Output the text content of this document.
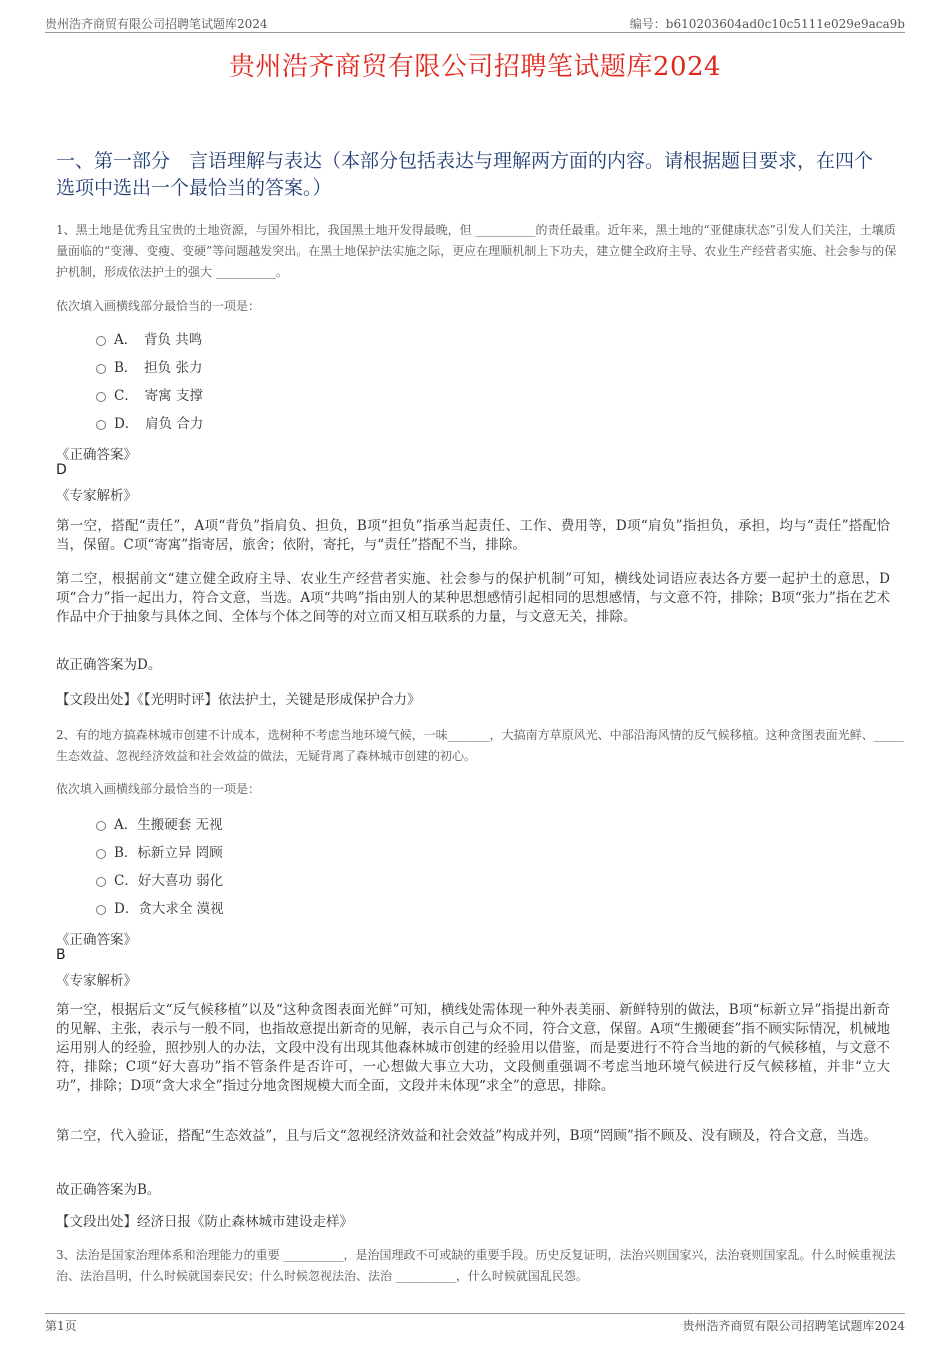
贵州浩齐商贸有限公司招聘笔试题库2024	编号：b610203604ad0c10c5111e029e9aca9b
贵州浩齐商贸有限公司招聘笔试题库2024
一、第一部分　言语理解与表达（本部分包括表达与理解两方面的内容。请根据题目要求，在四个选项中选出一个最恰当的答案。）
1、黑土地是优秀且宝贵的土地资源，与国外相比，我国黑土地开发得最晚，但 __________的责任最重。近年来，黑土地的“亚健康状态”引发人们关注，土壤质量面临的“变薄、变瘦、变硬”等问题越发突出。在黑土地保护法实施之际，更应在理顺机制上下功夫，建立健全政府主导、农业生产经营者实施、社会参与的保护机制，形成依法护土的强大 __________。
依次填入画横线部分最恰当的一项是：
A．　背负 共鸣
B．　担负 张力
C．　寄寓 支撑
D．　肩负 合力
《正确答案》
D
《专家解析》
第一空，搭配“责任”，A项“背负”指肩负、担负，B项“担负”指承当起责任、工作、费用等，D项“肩负”指担负，承担，均与“责任”搭配恰当，保留。C项“寄寓”指寄居，旅舍；依附，寄托，与“责任”搭配不当，排除。
第二空，根据前文“建立健全政府主导、农业生产经营者实施、社会参与的保护机制”可知，横线处词语应表达各方要一起护土的意思，D项“合力”指一起出力，符合文意，当选。A项“共鸣”指由别人的某种思想感情引起相同的思想感情，与文意不符，排除；B项“张力”指在艺术作品中介于抽象与具体之间、全体与个体之间等的对立而又相互联系的力量，与文意无关，排除。
故正确答案为D。
【文段出处】《【光明时评】依法护土，关键是形成保护合力》
2、有的地方搞森林城市创建不计成本，选树种不考虑当地环境气候，一味_______，大搞南方草原风光、中部沿海风情的反气候移植。这种贪图表面光鲜、_____生态效益、忽视经济效益和社会效益的做法，无疑背离了森林城市创建的初心。
依次填入画横线部分最恰当的一项是：
A．生搬硬套 无视
B．标新立异 罔顾
C．好大喜功 弱化
D．贪大求全 漠视
《正确答案》
B
《专家解析》
第一空，根据后文“反气候移植”以及“这种贪图表面光鲜”可知，横线处需体现一种外表美丽、新鲜特别的做法，B项“标新立异”指提出新奇的见解、主张，表示与一般不同，也指故意提出新奇的见解，表示自己与众不同，符合文意，保留。A项“生搬硬套”指不顾实际情况，机械地运用别人的经验，照抄别人的办法，文段中没有出现其他森林城市创建的经验用以借鉴，而是要进行不符合当地的新的气候移植，与文意不符，排除；C项“好大喜功”指不管条件是否许可，一心想做大事立大功，文段侧重强调不考虑当地环境气候进行反气候移植，并非“立大功”，排除；D项“贪大求全”指过分地贪图规模大而全面，文段并未体现“求全”的意思，排除。
第二空，代入验证，搭配“生态效益”，且与后文“忽视经济效益和社会效益”构成并列，B项“罔顾”指不顾及、没有顾及，符合文意，当选。
故正确答案为B。
【文段出处】经济日报《防止森林城市建设走样》
3、法治是国家治理体系和治理能力的重要 __________，是治国理政不可或缺的重要手段。历史反复证明，法治兴则国家兴，法治衰则国家乱。什么时候重视法治、法治昌明，什么时候就国泰民安；什么时候忽视法治、法治 __________，什么时候就国乱民怨。
第1页	贵州浩齐商贸有限公司招聘笔试题库2024
